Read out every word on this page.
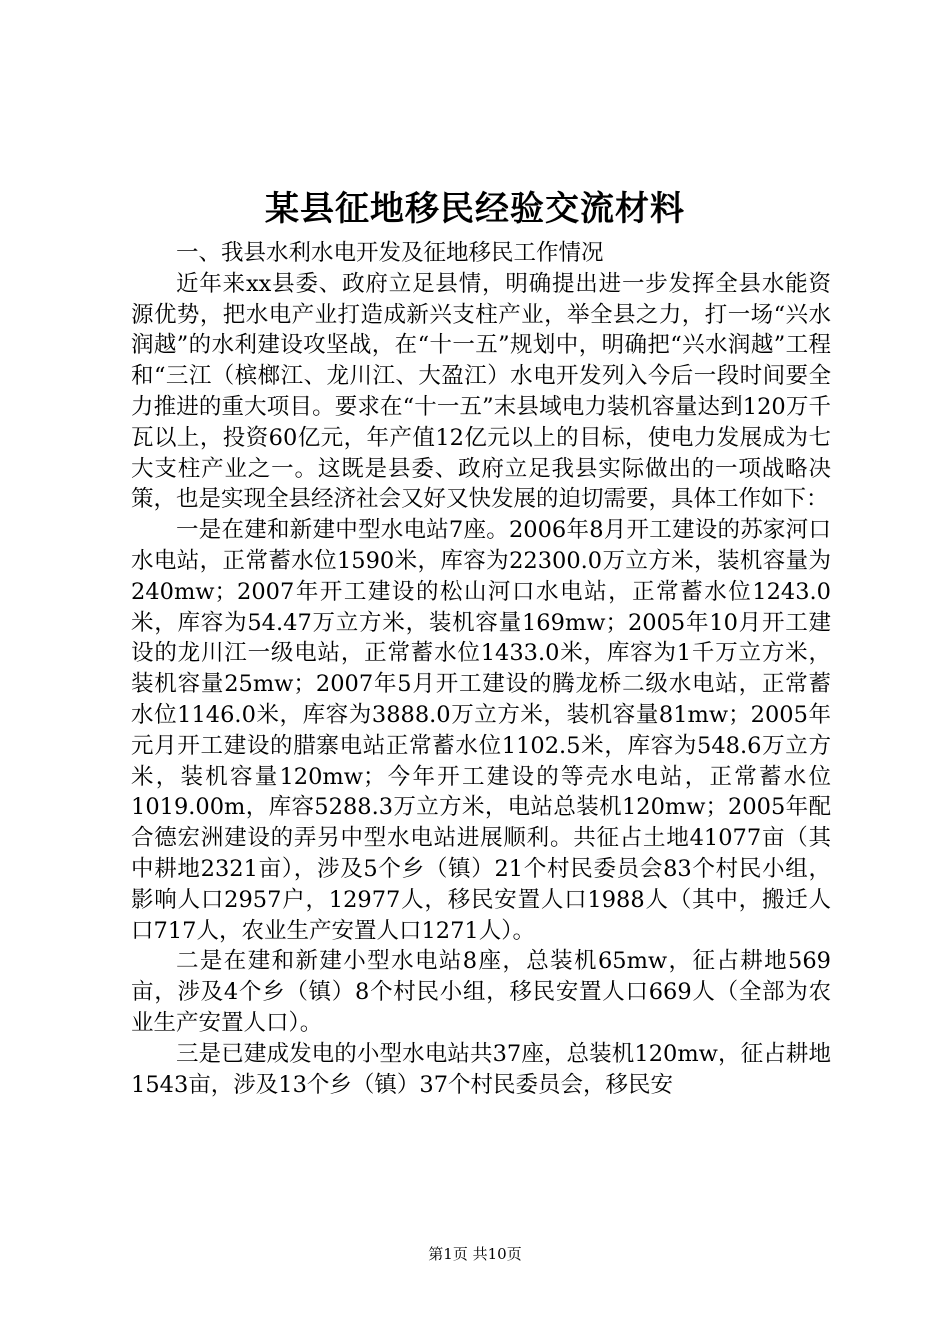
某县征地移民经验交流材料

一、我县水利水电开发及征地移民工作情况

近年来xx县委、政府立足县情，明确提出进一步发挥全县水能资源优势，把水电产业打造成新兴支柱产业，举全县之力，打一场“兴水润越”的水利建设攻坚战，在“十一五”规划中，明确把“兴水润越”工程和“三江（槟榔江、龙川江、大盈江）水电开发列入今后一段时间要全力推进的重大项目。要求在“十一五”末县域电力装机容量达到120万千瓦以上，投资60亿元，年产值12亿元以上的目标，使电力发展成为七大支柱产业之一。这既是县委、政府立足我县实际做出的一项战略决策，也是实现全县经济社会又好又快发展的迫切需要，具体工作如下：

一是在建和新建中型水电站7座。2006年8月开工建设的苏家河口水电站，正常蓄水位1590米，库容为22300.0万立方米，装机容量为240mw；2007年开工建设的松山河口水电站，正常蓄水位1243.0米，库容为54.47万立方米，装机容量169mw；2005年10月开工建设的龙川江一级电站，正常蓄水位1433.0米，库容为1千万立方米，装机容量25mw；2007年5月开工建设的腾龙桥二级水电站，正常蓄水位1146.0米，库容为3888.0万立方米，装机容量81mw；2005年元月开工建设的腊寨电站正常蓄水位1102.5米，库容为548.6万立方米，装机容量120mw；今年开工建设的等壳水电站，正常蓄水位1019.00m，库容5288.3万立方米，电站总装机120mw；2005年配合德宏洲建设的弄另中型水电站进展顺利。共征占土地41077亩（其中耕地2321亩），涉及5个乡（镇）21个村民委员会83个村民小组，影响人口2957户，12977人，移民安置人口1988人（其中，搬迁人口717人，农业生产安置人口1271人）。

二是在建和新建小型水电站8座，总装机65mw，征占耕地569亩，涉及4个乡（镇）8个村民小组，移民安置人口669人（全部为农业生产安置人口）。

三是已建成发电的小型水电站共37座，总装机120mw，征占耕地1543亩，涉及13个乡（镇）37个村民委员会，移民安

第1页 共10页
